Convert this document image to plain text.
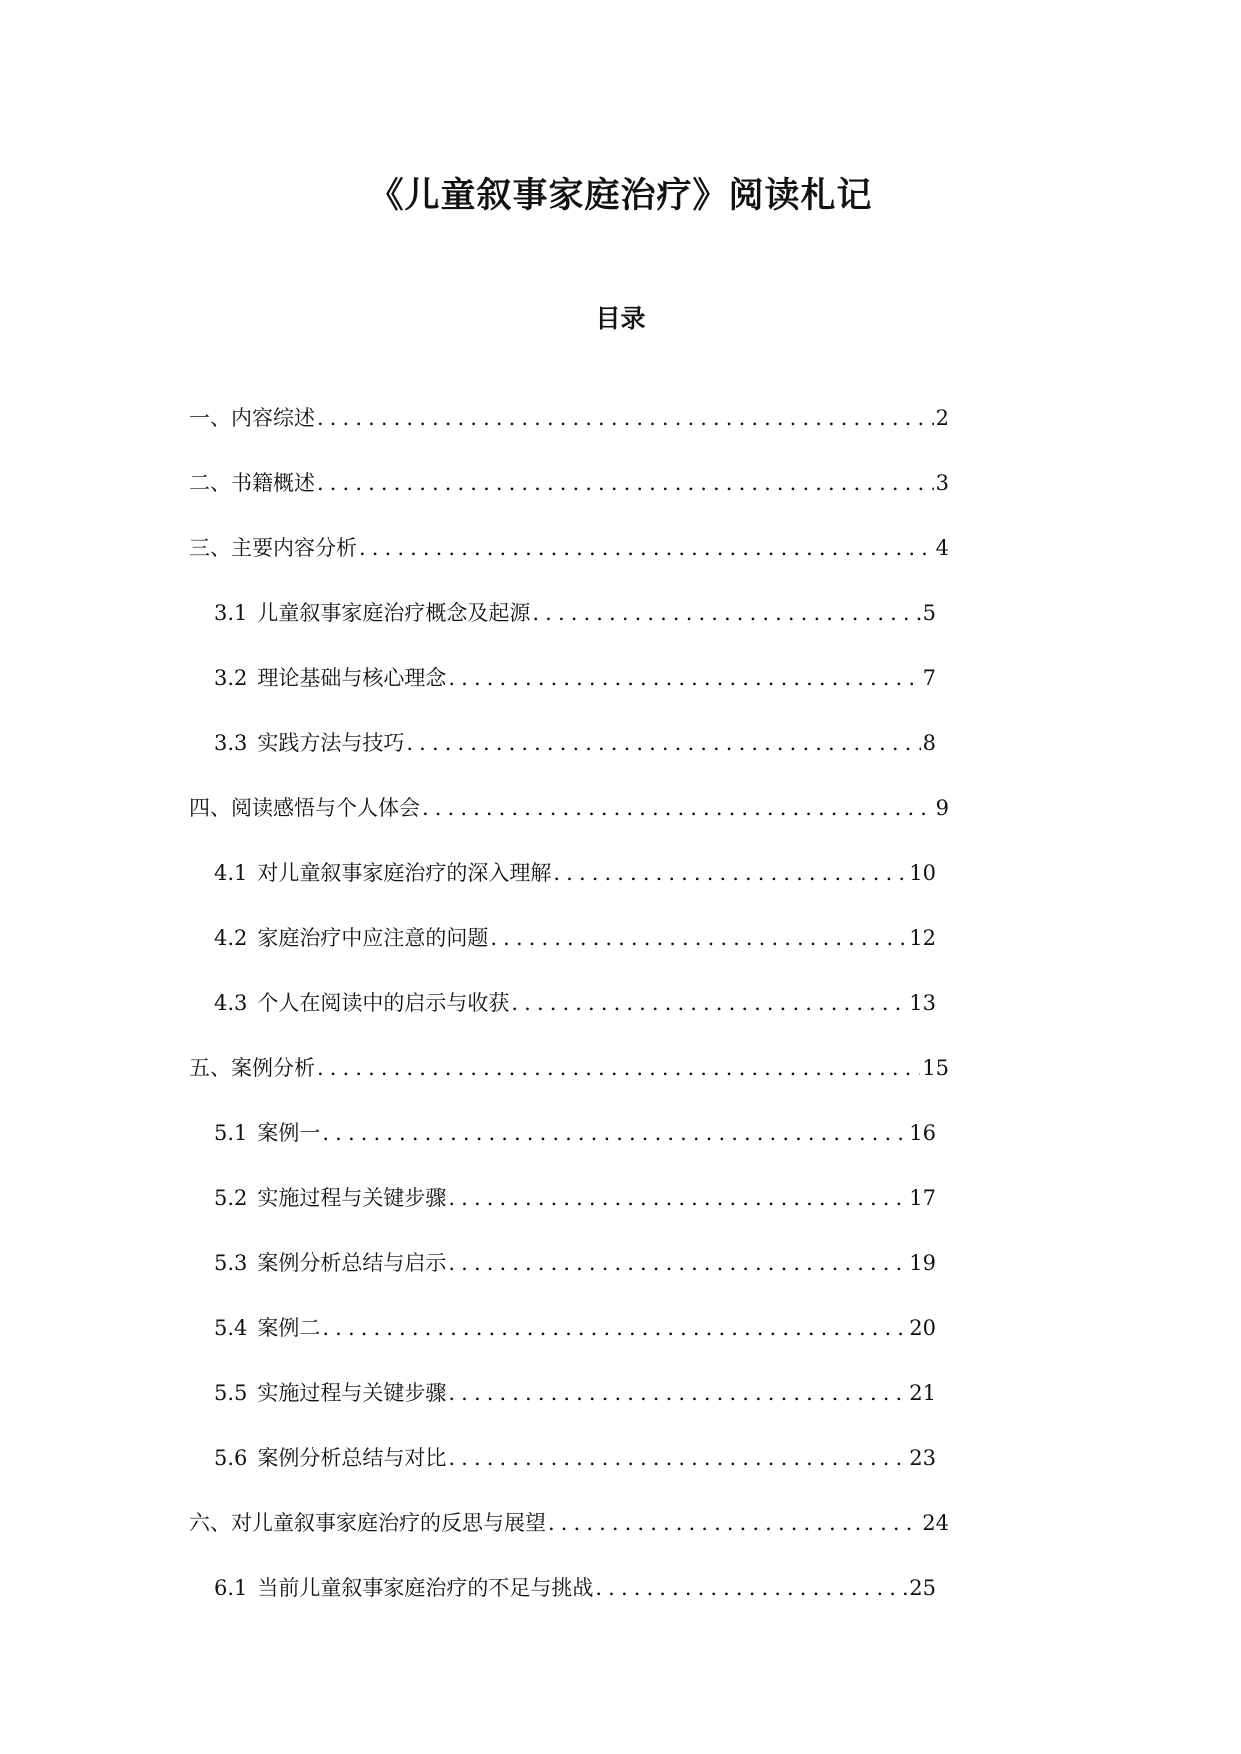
《儿童叙事家庭治疗》阅读札记
目录
一、内容综述 .....	2
二、书籍概述 .....	3
三、主要内容分析 .....	4
3.1 儿童叙事家庭治疗概念及起源 .....	5
3.2 理论基础与核心理念 .....	7
3.3 实践方法与技巧 .....	8
四、阅读感悟与个人体会 .....	9
4.1 对儿童叙事家庭治疗的深入理解 .....	10
4.2 家庭治疗中应注意的问题 .....	12
4.3 个人在阅读中的启示与收获 .....	13
五、案例分析 .....	15
5.1 案例一 .....	16
5.2 实施过程与关键步骤 .....	17
5.3 案例分析总结与启示 .....	19
5.4 案例二 .....	20
5.5 实施过程与关键步骤 .....	21
5.6 案例分析总结与对比 .....	23
六、对儿童叙事家庭治疗的反思与展望 .....	24
6.1 当前儿童叙事家庭治疗的不足与挑战 .....	25
